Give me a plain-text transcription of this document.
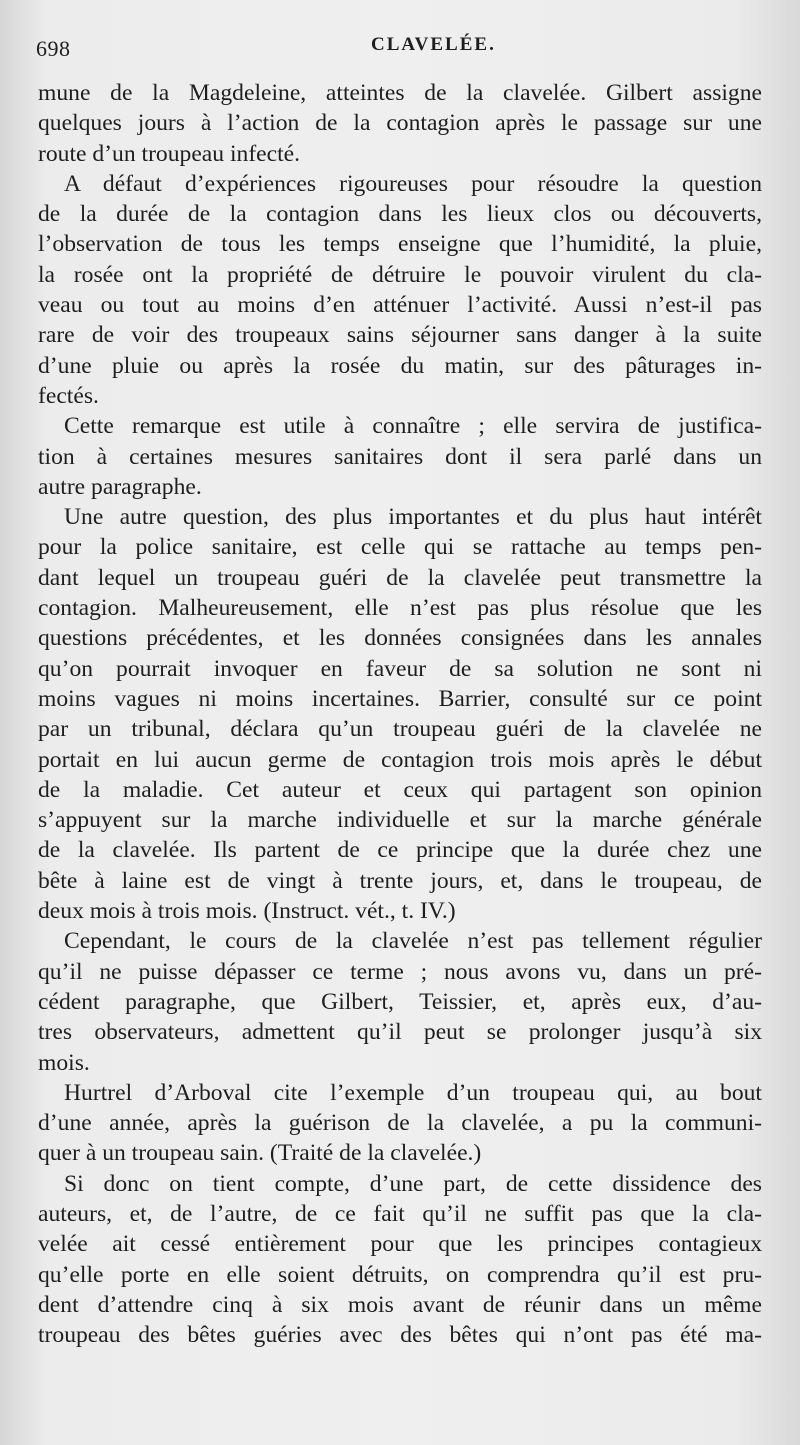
698	CLAVELÉE.
mune de la Magdeleine, atteintes de la clavelée. Gilbert assigne
quelques jours à l’action de la contagion après le passage sur une
route d’un troupeau infecté.
A défaut d’expériences rigoureuses pour résoudre la question
de la durée de la contagion dans les lieux clos ou découverts,
l’observation de tous les temps enseigne que l’humidité, la pluie,
la rosée ont la propriété de détruire le pouvoir virulent du cla-
veau ou tout au moins d’en atténuer l’activité. Aussi n’est-il pas
rare de voir des troupeaux sains séjourner sans danger à la suite
d’une pluie ou après la rosée du matin, sur des pâturages in-
fectés.
Cette remarque est utile à connaître ; elle servira de justifica-
tion à certaines mesures sanitaires dont il sera parlé dans un
autre paragraphe.
Une autre question, des plus importantes et du plus haut intérêt
pour la police sanitaire, est celle qui se rattache au temps pen-
dant lequel un troupeau guéri de la clavelée peut transmettre la
contagion. Malheureusement, elle n’est pas plus résolue que les
questions précédentes, et les données consignées dans les annales
qu’on pourrait invoquer en faveur de sa solution ne sont ni
moins vagues ni moins incertaines. Barrier, consulté sur ce point
par un tribunal, déclara qu’un troupeau guéri de la clavelée ne
portait en lui aucun germe de contagion trois mois après le début
de la maladie. Cet auteur et ceux qui partagent son opinion
s’appuyent sur la marche individuelle et sur la marche générale
de la clavelée. Ils partent de ce principe que la durée chez une
bête à laine est de vingt à trente jours, et, dans le troupeau, de
deux mois à trois mois. (Instruct. vét., t. IV.)
Cependant, le cours de la clavelée n’est pas tellement régulier
qu’il ne puisse dépasser ce terme ; nous avons vu, dans un pré-
cédent paragraphe, que Gilbert, Teissier, et, après eux, d’au-
tres observateurs, admettent qu’il peut se prolonger jusqu’à six
mois.
Hurtrel d’Arboval cite l’exemple d’un troupeau qui, au bout
d’une année, après la guérison de la clavelée, a pu la communi-
quer à un troupeau sain. (Traité de la clavelée.)
Si donc on tient compte, d’une part, de cette dissidence des
auteurs, et, de l’autre, de ce fait qu’il ne suffit pas que la cla-
velée ait cessé entièrement pour que les principes contagieux
qu’elle porte en elle soient détruits, on comprendra qu’il est pru-
dent d’attendre cinq à six mois avant de réunir dans un même
troupeau des bêtes guéries avec des bêtes qui n’ont pas été ma-
